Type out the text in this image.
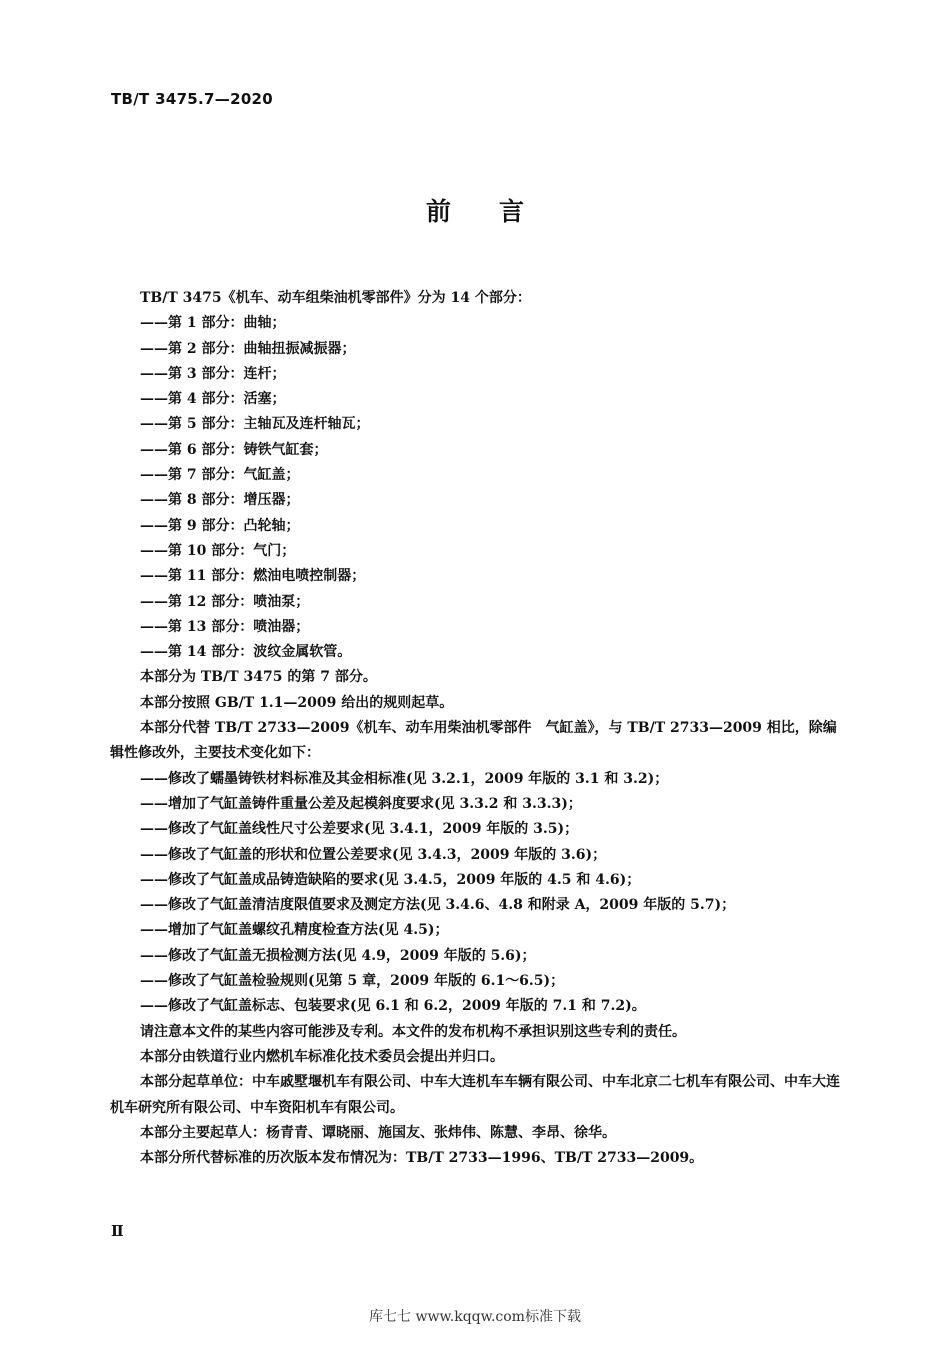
TB/T 3475.7—2020
前言
TB/T 3475《机车、动车组柴油机零部件》分为 14 个部分：
——第 1 部分：曲轴；
——第 2 部分：曲轴扭振减振器；
——第 3 部分：连杆；
——第 4 部分：活塞；
——第 5 部分：主轴瓦及连杆轴瓦；
——第 6 部分：铸铁气缸套；
——第 7 部分：气缸盖；
——第 8 部分：增压器；
——第 9 部分：凸轮轴；
——第 10 部分：气门；
——第 11 部分：燃油电喷控制器；
——第 12 部分：喷油泵；
——第 13 部分：喷油器；
——第 14 部分：波纹金属软管。
本部分为 TB/T 3475 的第 7 部分。
本部分按照 GB/T 1.1—2009 给出的规则起草。
本部分代替 TB/T 2733—2009《机车、动车用柴油机零部件　气缸盖》，与 TB/T 2733—2009 相比，除编辑性修改外，主要技术变化如下：
——修改了蠕墨铸铁材料标准及其金相标准(见 3.2.1，2009 年版的 3.1 和 3.2)；
——增加了气缸盖铸件重量公差及起模斜度要求(见 3.3.2 和 3.3.3)；
——修改了气缸盖线性尺寸公差要求(见 3.4.1，2009 年版的 3.5)；
——修改了气缸盖的形状和位置公差要求(见 3.4.3，2009 年版的 3.6)；
——修改了气缸盖成品铸造缺陷的要求(见 3.4.5，2009 年版的 4.5 和 4.6)；
——修改了气缸盖清洁度限值要求及测定方法(见 3.4.6、4.8 和附录 A，2009 年版的 5.7)；
——增加了气缸盖螺纹孔精度检查方法(见 4.5)；
——修改了气缸盖无损检测方法(见 4.9，2009 年版的 5.6)；
——修改了气缸盖检验规则(见第 5 章，2009 年版的 6.1～6.5)；
——修改了气缸盖标志、包装要求(见 6.1 和 6.2，2009 年版的 7.1 和 7.2)。
请注意本文件的某些内容可能涉及专利。本文件的发布机构不承担识别这些专利的责任。
本部分由铁道行业内燃机车标准化技术委员会提出并归口。
本部分起草单位：中车戚墅堰机车有限公司、中车大连机车车辆有限公司、中车北京二七机车有限公司、中车大连机车研究所有限公司、中车资阳机车有限公司。
本部分主要起草人：杨青青、谭晓丽、施国友、张炜伟、陈慧、李昂、徐华。
本部分所代替标准的历次版本发布情况为：TB/T 2733—1996、TB/T 2733—2009。
Ⅱ
库七七 www.kqqw.com标准下载
